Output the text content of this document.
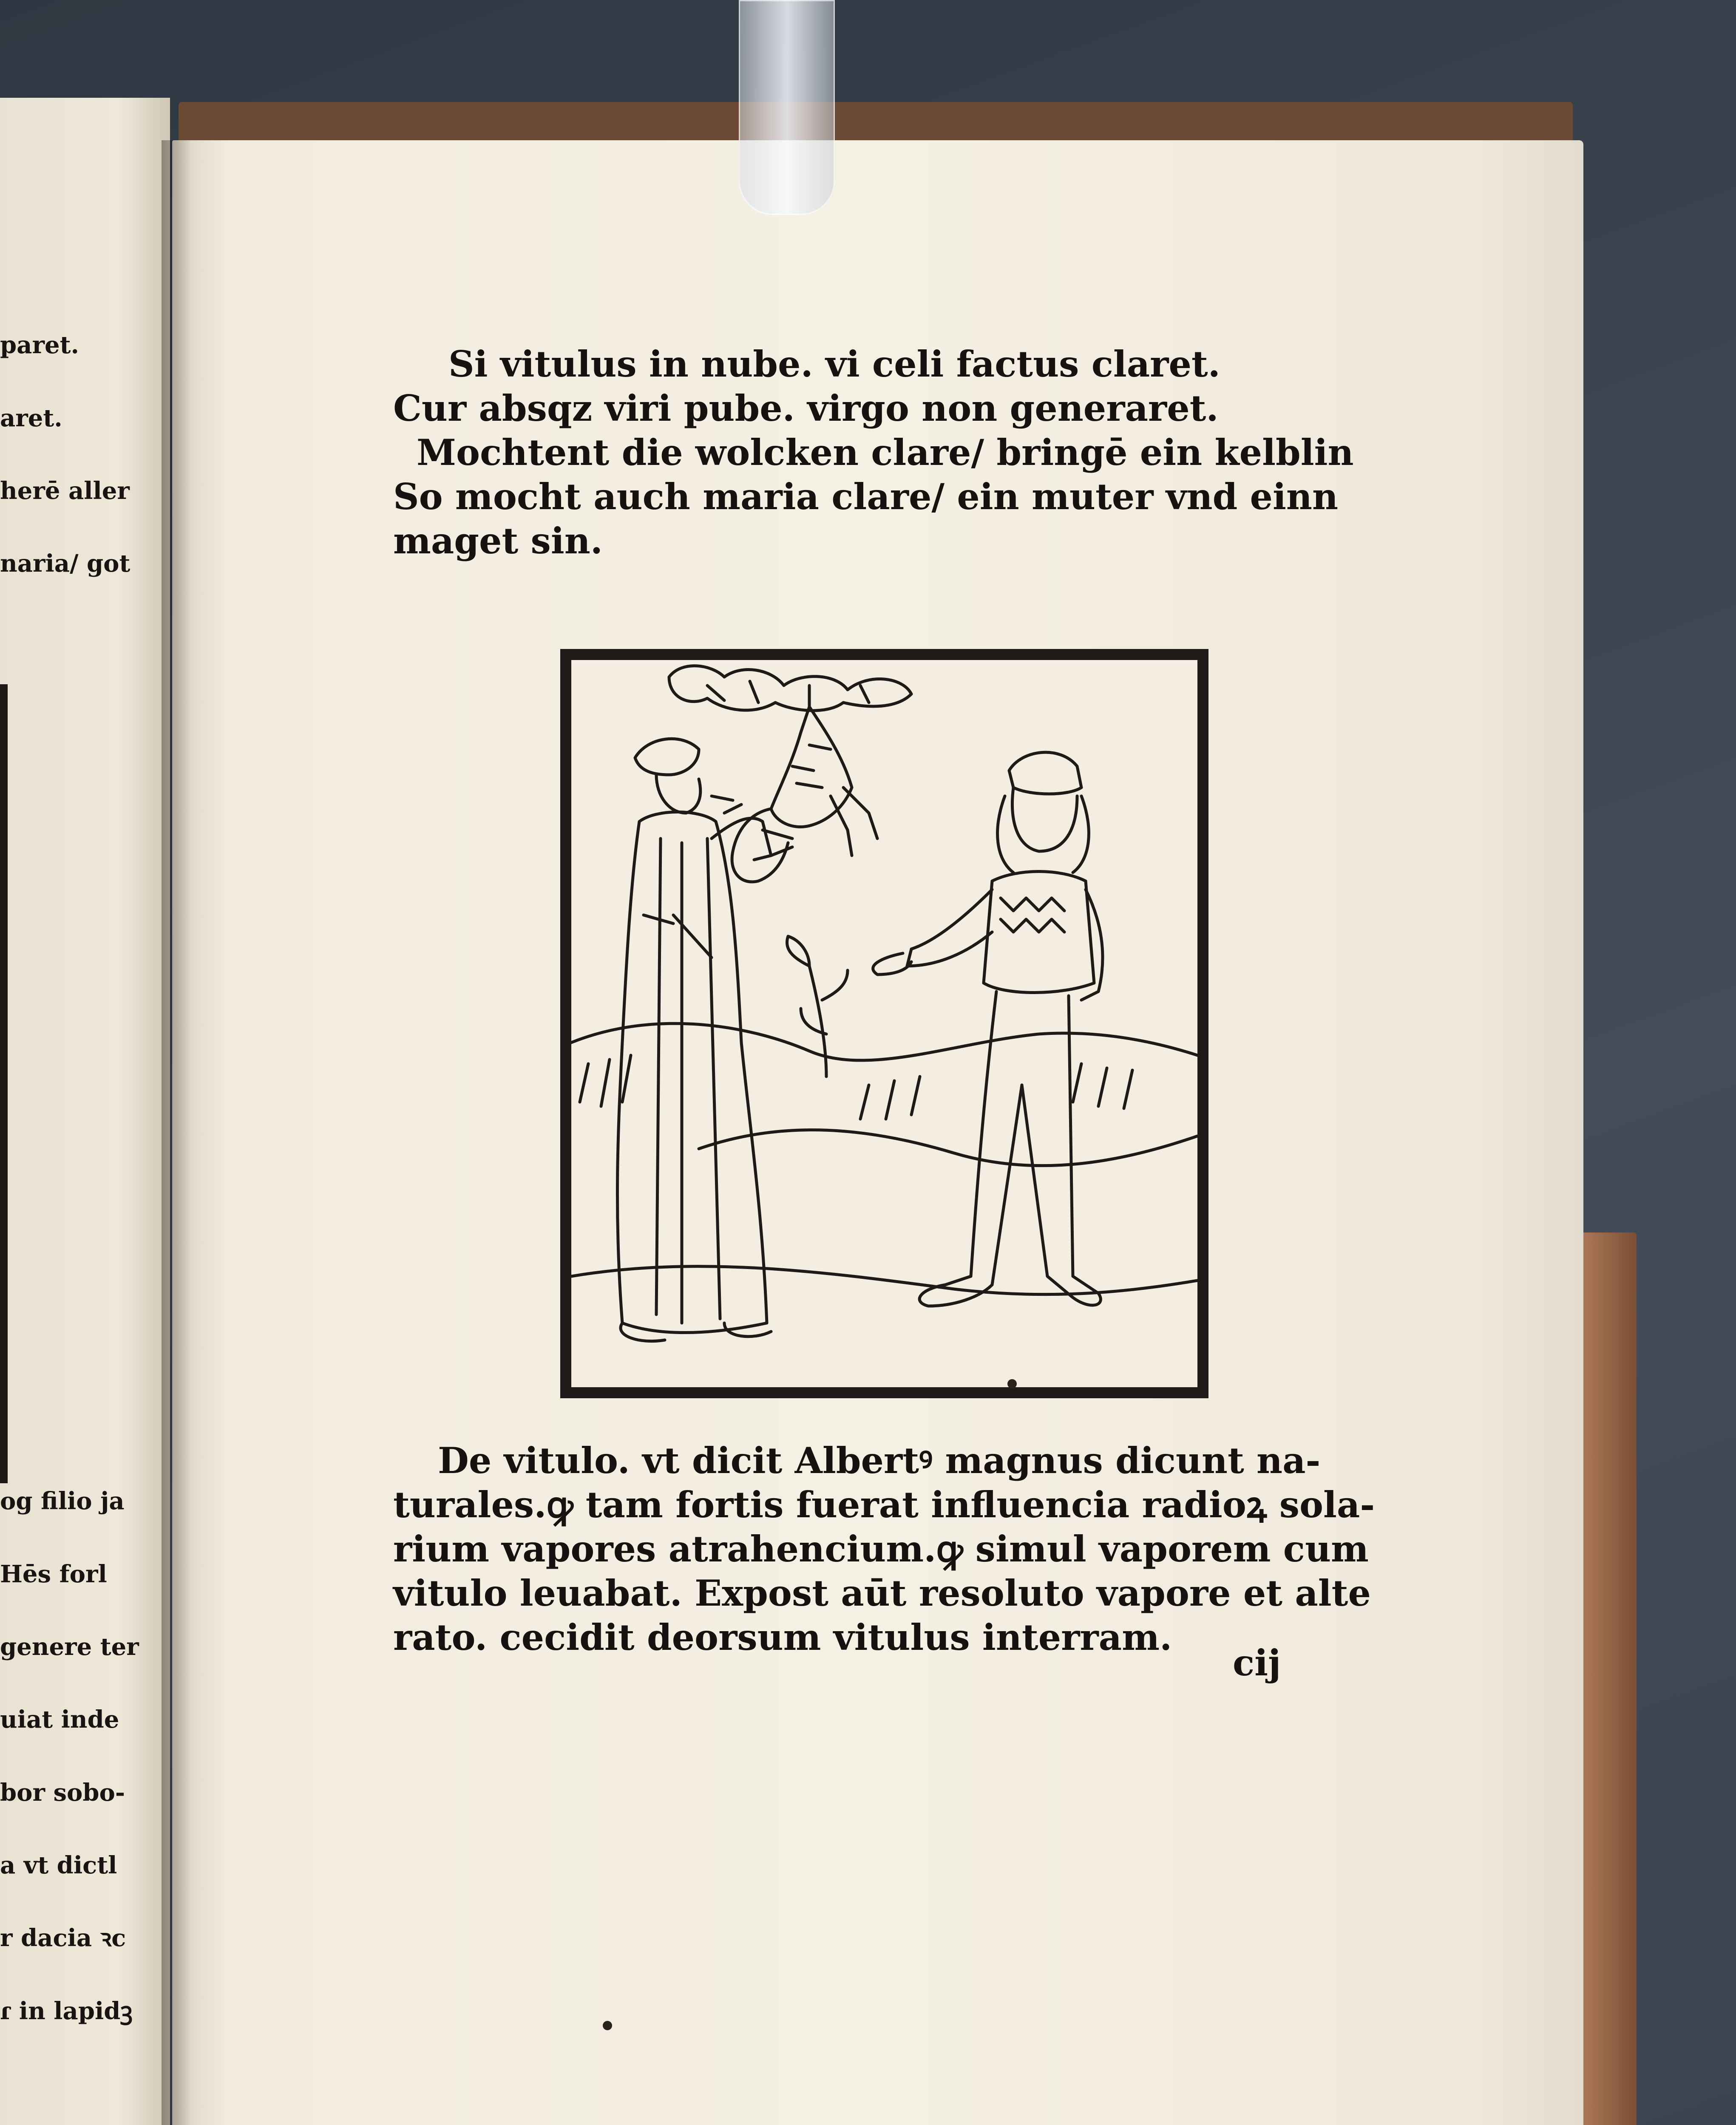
paret.

aret.

herē aller

naria/ got

og filio ja

Hēs forl

genere ter

uiat inde

bor sobo-

a vt dictl

r dacia ꝛc

ɾ in lapidꝫ

Si vitulus in nube. vi celi factus claret.
Cur absqz viri pube. virgo non generaret.
Mochtent die wolcken clare/ bringē ein kelblin
So mocht auch maria clare/ ein muter vnd einn
maget sin.
De vitulo. vt dicit Albertꝰ magnus dicunt na-
turales.ꝙ tam fortis fuerat influencia radioꝝ sola-
rium vapores atrahencium.ꝙ simul vaporem cum
vitulo leuabat. Expost aūt resoluto vapore et alte
rato. cecidit deorsum vitulus interram.
cij
